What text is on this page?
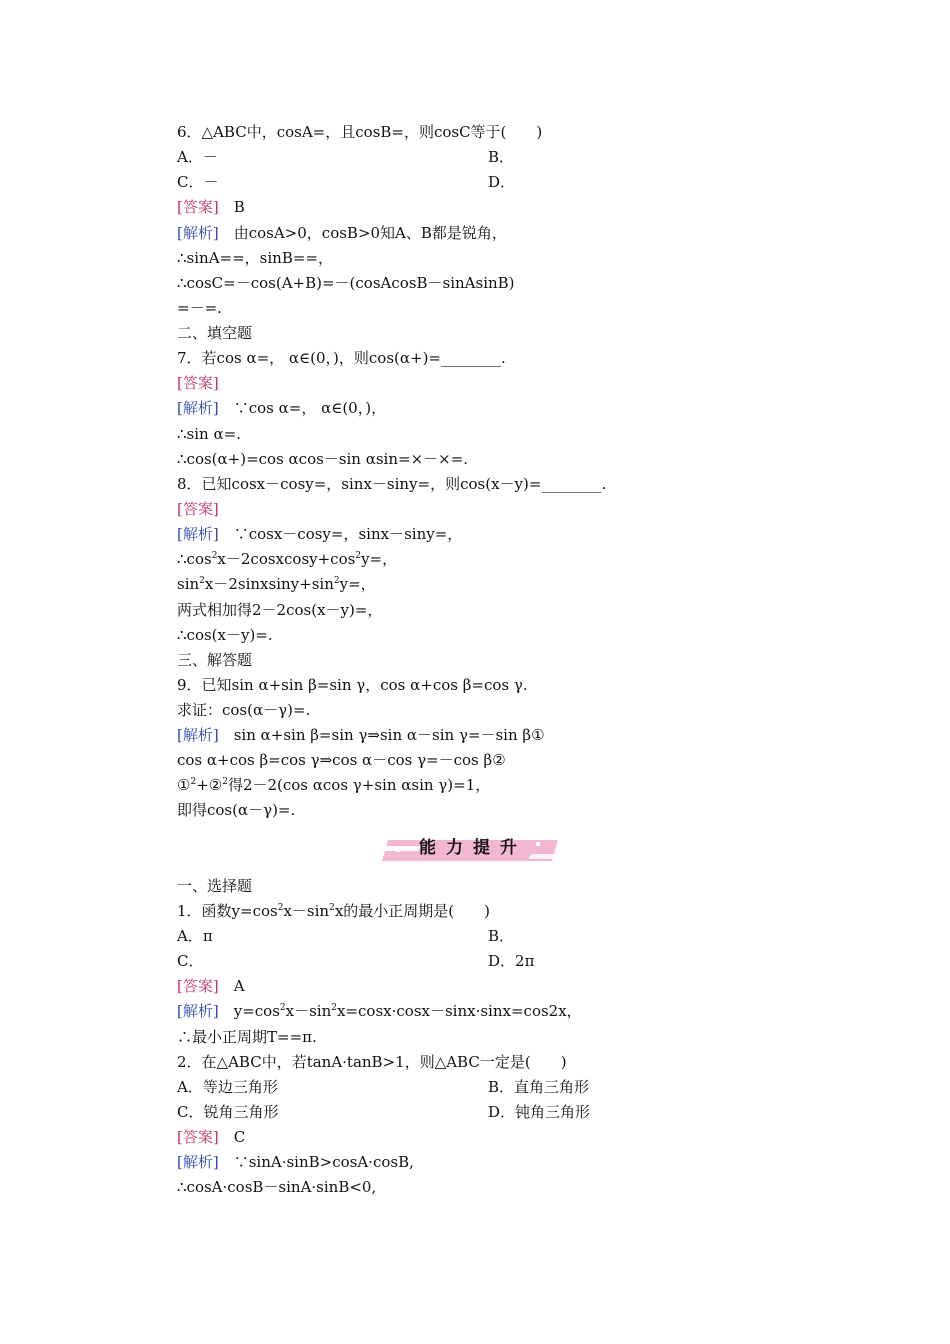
6．△ABC中，cosA=，且cosB=，则cosC等于(　　)
A．－	B．
C．－	D．
[答案]　B
[解析]　由cosA>0，cosB>0知A、B都是锐角，
∴sinA==，sinB==，
∴cosC=－cos(A+B)=－(cosAcosB－sinAsinB)
=－=.
二、填空题
7．若cos α=， α∈(0，)，则cos(α+)=________.
[答案]
[解析]　∵cos α=， α∈(0，)，
∴sin α=.
∴cos(α+)=cos αcos－sin αsin=×－×=.
8．已知cosx－cosy=，sinx－siny=，则cos(x－y)=________.
[答案]
[解析]　∵cosx－cosy=，sinx－siny=，
$\therefore\cos^2x-2cosxcosy+\cos^2y=$，
$\sin^2x-2sinxsiny+\sin^2y=$，
两式相加得2－2cos(x－y)=，
∴cos(x－y)=.
三、解答题
9．已知sin α+sin β=sin γ，cos α+cos β=cos γ.
求证：cos(α－γ)=.
[解析]　sin α+sin β=sin γ⇒sin α－sin γ=－sin β①
cos α+cos β=cos γ⇒cos α－cos γ=－cos β②
①$^2$+②$^2$得2－2(cos αcos γ+sin αsin γ)=1，
即得cos(α－γ)=.
能力提升
一、选择题
1．函数$y=\cos^2x-\sin^2x$的最小正周期是(　　)
A．π	B．
C．	D．2π
[答案]　A
[解析]　$y=\cos^2x-\sin^2x=\cos x\cdot\cos x-\sin x\cdot\sin x=\cos 2x$，
∴最小正周期T==π.
2．在△ABC中，若tanA·tanB>1，则△ABC一定是(　　)
A．等边三角形	B．直角三角形
C．锐角三角形	D．钝角三角形
[答案]　C
[解析]　∵sinA·sinB>cosA·cosB,
∴cosA·cosB－sinA·sinB<0,
